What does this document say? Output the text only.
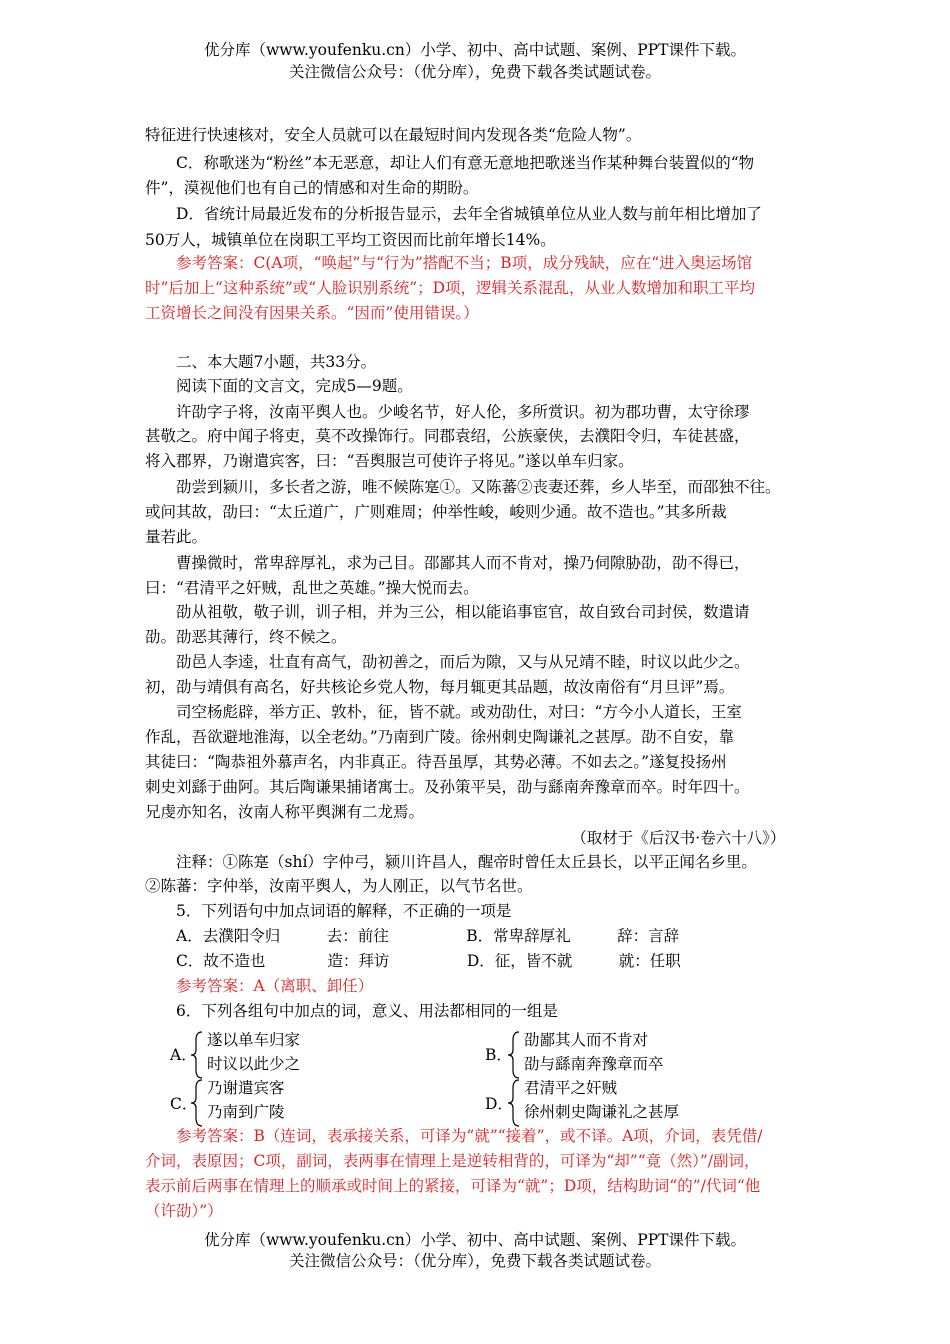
优分库（www.youfenku.cn）小学、初中、高中试题、案例、PPT课件下载。
关注微信公众号：（优分库），免费下载各类试题试卷。
特征进行快速核对，安全人员就可以在最短时间内发现各类“危险人物”。
　　C．称歌迷为“粉丝”本无恶意，却让人们有意无意地把歌迷当作某种舞台装置似的“物
件”，漠视他们也有自己的情感和对生命的期盼。
　　D．省统计局最近发布的分析报告显示，去年全省城镇单位从业人数与前年相比增加了
50万人，城镇单位在岗职工平均工资因而比前年增长14%。
　　参考答案：C(A项，“唤起”与“行为”搭配不当；B项，成分残缺，应在“进入奥运场馆
时”后加上“这种系统”或“人脸识别系统”；D项，逻辑关系混乱，从业人数增加和职工平均
工资增长之间没有因果关系。“因而”使用错误。）
　　二、本大题7小题，共33分。
　　阅读下面的文言文，完成5—9题。
　　许劭字子将，汝南平舆人也。少峻名节，好人伦，多所赏识。初为郡功曹，太守徐璆
甚敬之。府中闻子将吏，莫不改操饰行。同郡袁绍，公族豪侠，去濮阳令归，车徒甚盛，
将入郡界，乃谢遣宾客，曰：“吾舆服岂可使许子将见。”遂以单车归家。
　　劭尝到颍川，多长者之游，唯不候陈寔①。又陈蕃②丧妻还葬，乡人毕至，而邵独不往。
或问其故，劭曰：“太丘道广，广则难周；仲举性峻，峻则少通。故不造也。”其多所裁
量若此。
　　曹操微时，常卑辞厚礼，求为己目。邵鄙其人而不肯对，操乃伺隙胁劭，劭不得已，
曰：“君清平之奸贼，乱世之英雄。”操大悦而去。
　　劭从祖敬，敬子训，训子相，并为三公，相以能谄事宦官，故自致台司封侯，数遣请
劭。劭恶其薄行，终不候之。
　　劭邑人李逵，壮直有高气，劭初善之，而后为隙，又与从兄靖不睦，时议以此少之。
初，劭与靖俱有高名，好共核论乡党人物，每月辄更其品题，故汝南俗有“月旦评”焉。
　　司空杨彪辟，举方正、敦朴，征，皆不就。或劝劭仕，对曰：“方今小人道长，王室
作乱，吾欲避地淮海，以全老幼。”乃南到广陵。徐州刺史陶谦礼之甚厚。劭不自安，靠
其徒曰：“陶恭祖外慕声名，内非真正。待吾虽厚，其势必薄。不如去之。”遂复投扬州
刺史刘繇于曲阿。其后陶谦果捕诸寓士。及孙策平吴，劭与繇南奔豫章而卒。时年四十。
兄虔亦知名，汝南人称平舆渊有二龙焉。
　　　　　　　　　　　　　　　　　　　　　　　　　　　　（取材于《后汉书·卷六十八》）
　　注释：①陈寔（shí）字仲弓，颍川许昌人，醒帝时曾任太丘县长，以平正闻名乡里。
②陈蕃：字仲举，汝南平舆人，为人刚正，以气节名世。
　　5．下列语句中加点词语的解释，不正确的一项是
　　A．去濮阳令归　　　去：前往　　　　　B．常卑辞厚礼　　　辞：言辞
　　C．故不造也　　　　造：拜访　　　　　D．征，皆不就　　　就：任职
　　参考答案：A（离职、卸任）
　　6．下列各组句中加点的词，意义、用法都相同的一组是
A．
遂以单车归家
时议以此少之	B．
劭鄙其人而不肯对
劭与繇南奔豫章而卒
C．
乃谢遣宾客
乃南到广陵	D．
君清平之奸贼
徐州刺史陶谦礼之甚厚
　　参考答案：B（连词，表承接关系，可译为“就”“接着”，或不译。A项，介词，表凭借/
介词，表原因；C项，副词，表两事在情理上是逆转相背的，可译为“却”“竟（然）”/副词，
表示前后两事在情理上的顺承或时间上的紧接，可译为“就”；D项，结构助词“的”/代词“他
（许劭）”）
优分库（www.youfenku.cn）小学、初中、高中试题、案例、PPT课件下载。
关注微信公众号：（优分库），免费下载各类试题试卷。
